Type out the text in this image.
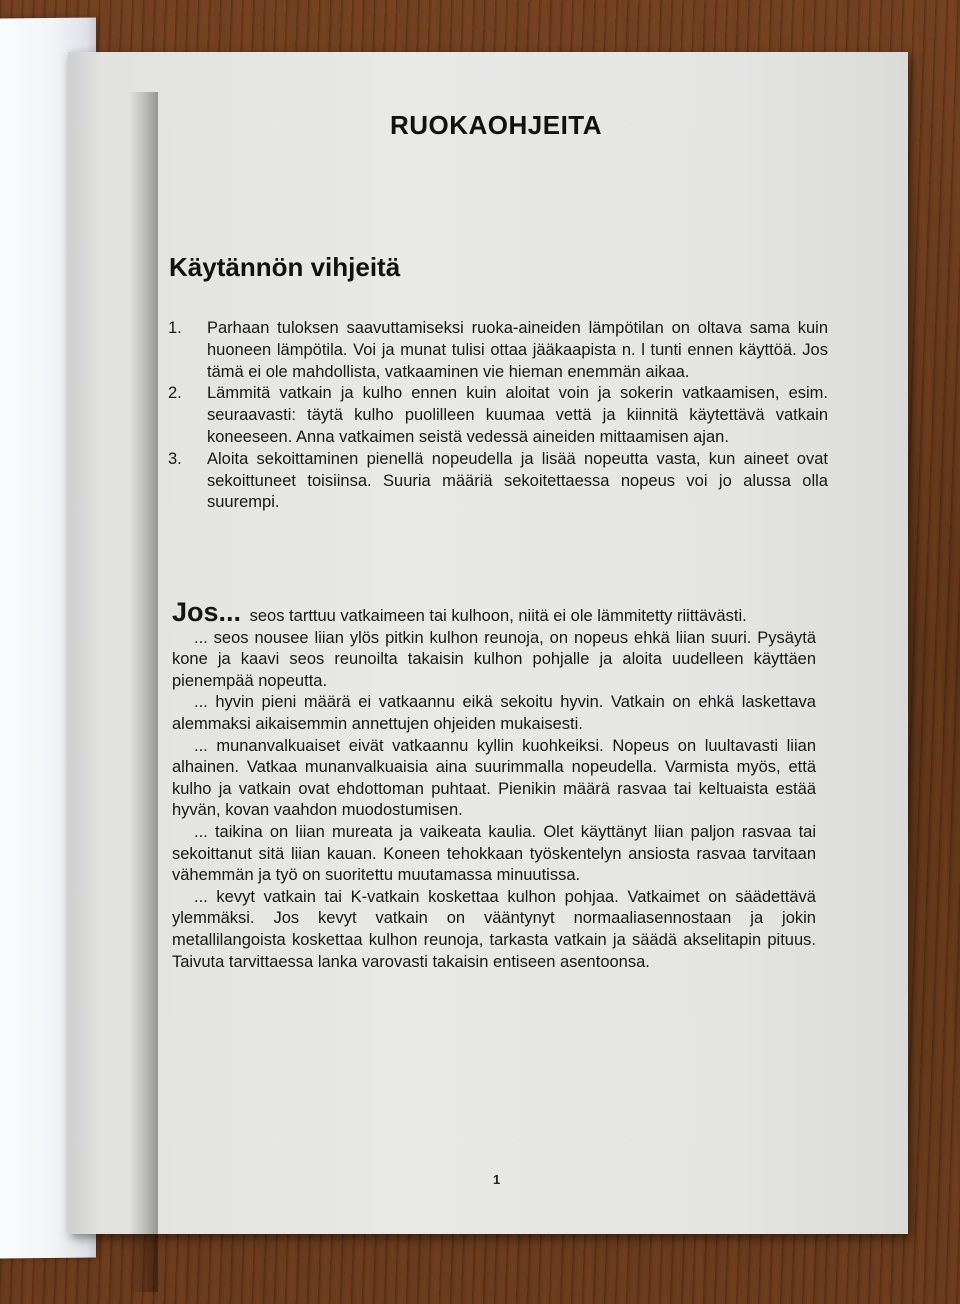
RUOKAOHJEITA
Käytännön vihjeitä
1. Parhaan tuloksen saavuttamiseksi ruoka-aineiden lämpötilan on oltava sama kuin huoneen lämpötila. Voi ja munat tulisi ottaa jääkaapista n. l tunti ennen käyttöä. Jos tämä ei ole mahdollista, vatkaaminen vie hieman enemmän aikaa.
2. Lämmitä vatkain ja kulho ennen kuin aloitat voin ja sokerin vatkaamisen, esim. seuraavasti: täytä kulho puolilleen kuumaa vettä ja kiinnitä käytettävä vatkain koneeseen. Anna vatkaimen seistä vedessä aineiden mittaamisen ajan.
3. Aloita sekoittaminen pienellä nopeudella ja lisää nopeutta vasta, kun aineet ovat sekoittuneet toisiinsa. Suuria määriä sekoitettaessa nopeus voi jo alussa olla suurempi.

Jos... seos tarttuu vatkaimeen tai kulhoon, niitä ei ole lämmitetty riittävästi.

... seos nousee liian ylös pitkin kulhon reunoja, on nopeus ehkä liian suuri. Pysäytä kone ja kaavi seos reunoilta takaisin kulhon pohjalle ja aloita uudelleen käyttäen pienempää nopeutta.

... hyvin pieni määrä ei vatkaannu eikä sekoitu hyvin. Vatkain on ehkä laskettava alemmaksi aikaisemmin annettujen ohjeiden mukaisesti.

... munanvalkuaiset eivät vatkaannu kyllin kuohkeiksi. Nopeus on luultavasti liian alhainen. Vatkaa munanvalkuaisia aina suurimmalla nopeudella. Varmista myös, että kulho ja vatkain ovat ehdottoman puhtaat. Pienikin määrä rasvaa tai keltuaista estää hyvän, kovan vaahdon muodostumisen.

... taikina on liian mureata ja vaikeata kaulia. Olet käyttänyt liian paljon rasvaa tai sekoittanut sitä liian kauan. Koneen tehokkaan työskentelyn ansiosta rasvaa tarvitaan vähemmän ja työ on suoritettu muutamassa minuutissa.

... kevyt vatkain tai K-vatkain koskettaa kulhon pohjaa. Vatkaimet on säädettävä ylemmäksi. Jos kevyt vatkain on vääntynyt normaaliasennostaan ja jokin metallilangoista koskettaa kulhon reunoja, tarkasta vatkain ja säädä akselitapin pituus. Taivuta tarvittaessa lanka varovasti takaisin entiseen asentoonsa.

1
